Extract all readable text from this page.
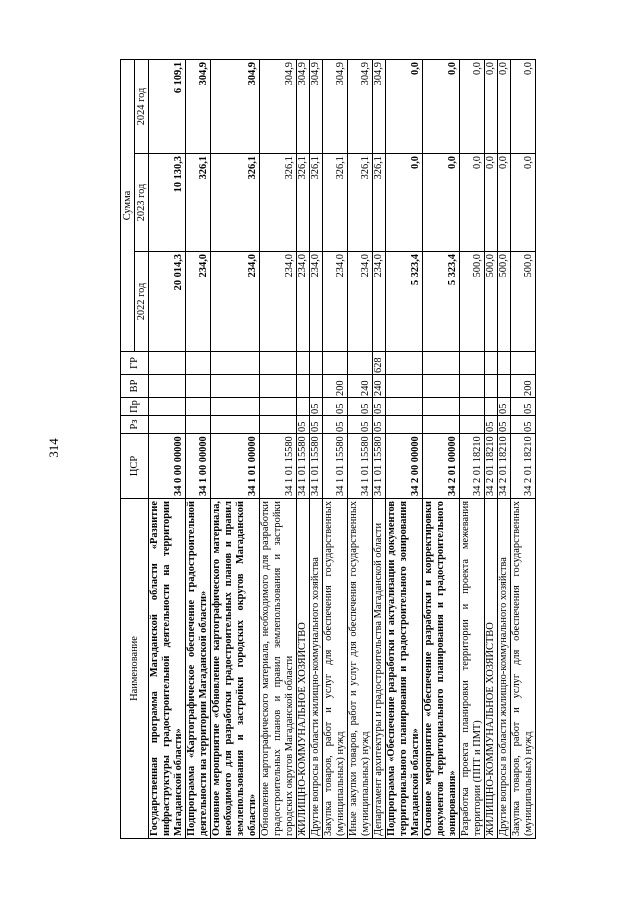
314
Наименование	ЦСР	Рз	Пр	ВР	ГР	Сумма		
						2022 год	2023 год	2024 год
Государственная программа Магаданской области «Развитие инфраструктуры градостроительной деятельности на территории Магаданской области»	34 0 00 00000					20 014,3	10 130,3	6 109,1
Подпрограмма «Картографическое обеспечение градостроительной деятельности на территории Магаданской области»	34 1 00 00000					234,0	326,1	304,9
Основное мероприятие «Обновление картографического материала, необходимого для разработки градостроительных планов и правил землепользования и застройки городских округов Магаданской области»	34 1 01 00000					234,0	326,1	304,9
Обновление картографического материала, необходимого для разработки градостроительных планов и правил землепользования и застройки городских округов Магаданской области	34 1 01 15580					234,0	326,1	304,9
ЖИЛИЩНО-КОММУНАЛЬНОЕ ХОЗЯЙСТВО	34 1 01 15580	05				234,0	326,1	304,9
Другие вопросы в области жилищно-коммунального хозяйства	34 1 01 15580	05	05			234,0	326,1	304,9
Закупка товаров, работ и услуг для обеспечения государственных (муниципальных) нужд	34 1 01 15580	05	05	200		234,0	326,1	304,9
Иные закупки товаров, работ и услуг для обеспечения государственных (муниципальных) нужд	34 1 01 15580	05	05	240		234,0	326,1	304,9
Департамент архитектуры и градостроительства Магаданской области	34 1 01 15580	05	05	240	628	234,0	326,1	304,9
Подпрограмма «Обеспечение разработки и актуализации документов территориального планирования и градостроительного зонирования Магаданской области»	34 2 00 00000					5 323,4	0,0	0,0
Основное мероприятие «Обеспечение разработки и корректировки документов территориального планирования и градостроительного зонирования»	34 2 01 00000					5 323,4	0,0	0,0
Разработка проекта планировки территории и проекта межевания территории (ППТ и ПМТ)	34 2 01 18210					500,0	0,0	0,0
ЖИЛИЩНО-КОММУНАЛЬНОЕ ХОЗЯЙСТВО	34 2 01 18210	05				500,0	0,0	0,0
Другие вопросы в области жилищно-коммунального хозяйства	34 2 01 18210	05	05			500,0	0,0	0,0
Закупка товаров, работ и услуг для обеспечения государственных (муниципальных) нужд	34 2 01 18210	05	05	200		500,0	0,0	0,0
